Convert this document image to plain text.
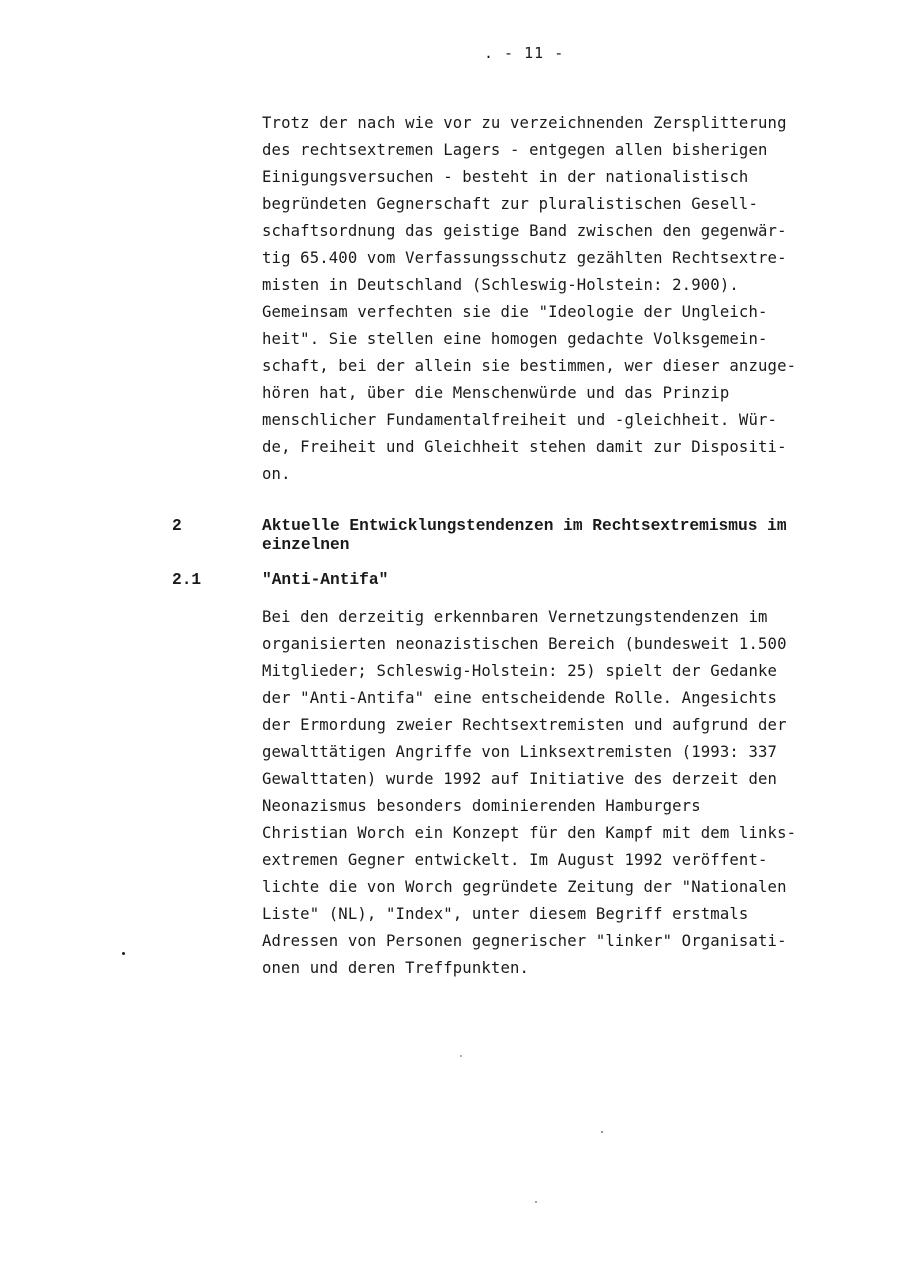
. - 11 -
Trotz der nach wie vor zu verzeichnenden Zersplitterung
des rechtsextremen Lagers - entgegen allen bisherigen
Einigungsversuchen - besteht in der nationalistisch
begründeten Gegnerschaft zur pluralistischen Gesell-
schaftsordnung das geistige Band zwischen den gegenwär-
tig 65.400 vom Verfassungsschutz gezählten Rechtsextre-
misten in Deutschland (Schleswig-Holstein: 2.900).
Gemeinsam verfechten sie die "Ideologie der Ungleich-
heit". Sie stellen eine homogen gedachte Volksgemein-
schaft, bei der allein sie bestimmen, wer dieser anzuge-
hören hat, über die Menschenwürde und das Prinzip
menschlicher Fundamentalfreiheit und -gleichheit. Wür-
de, Freiheit und Gleichheit stehen damit zur Dispositi-
on.
2	Aktuelle Entwicklungstendenzen im Rechtsextremismus im
einzelnen
2.1	"Anti-Antifa"
Bei den derzeitig erkennbaren Vernetzungstendenzen im
organisierten neonazistischen Bereich (bundesweit 1.500
Mitglieder; Schleswig-Holstein: 25) spielt der Gedanke
der "Anti-Antifa" eine entscheidende Rolle. Angesichts
der Ermordung zweier Rechtsextremisten und aufgrund der
gewalttätigen Angriffe von Linksextremisten (1993: 337
Gewalttaten) wurde 1992 auf Initiative des derzeit den
Neonazismus besonders dominierenden Hamburgers
Christian Worch ein Konzept für den Kampf mit dem links-
extremen Gegner entwickelt. Im August 1992 veröffent-
lichte die von Worch gegründete Zeitung der "Nationalen
Liste" (NL), "Index", unter diesem Begriff erstmals
Adressen von Personen gegnerischer "linker" Organisati-
onen und deren Treffpunkten.
